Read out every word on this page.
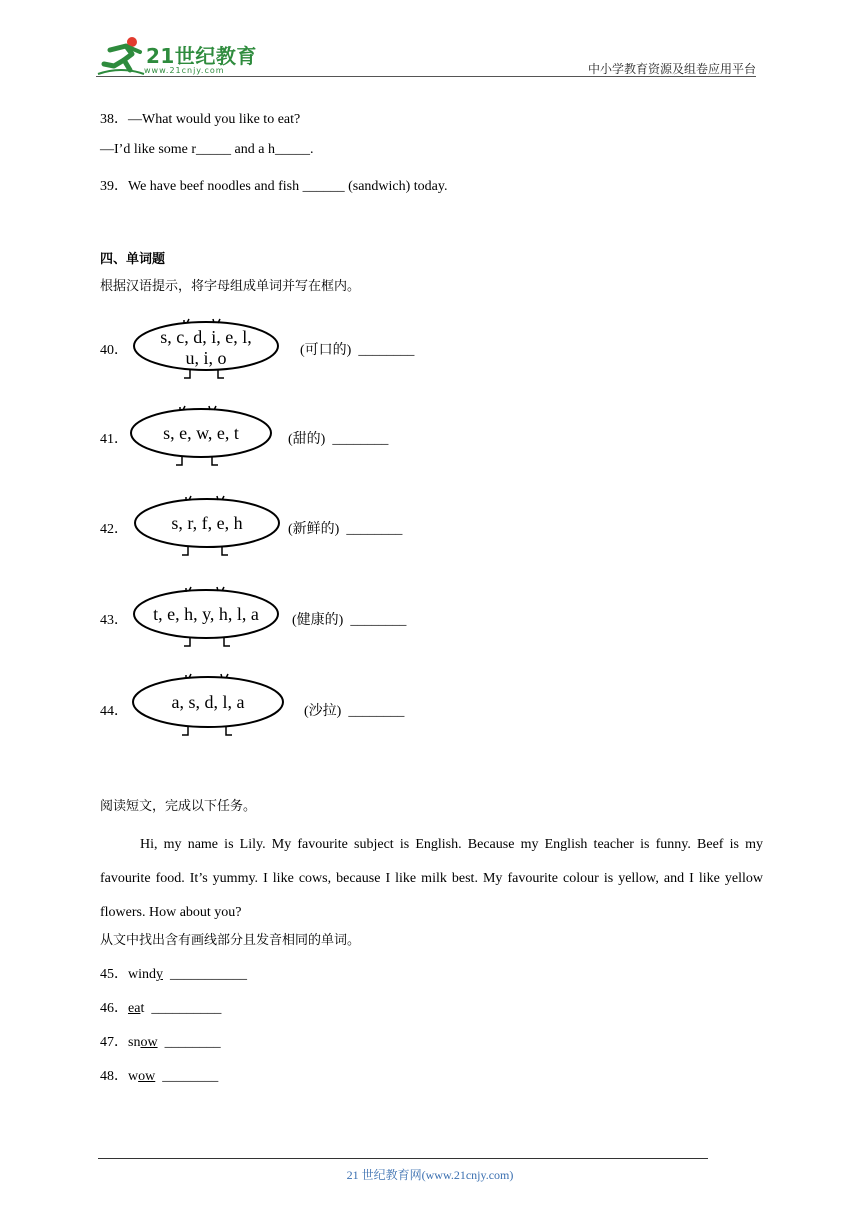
21世纪教育
www.21cnjy.com	中小学教育资源及组卷应用平台
38．—What would you like to eat?
—I’d like some r_____ and a h_____.
39．We have beef noodles and fish ______ (sandwich) today.
四、单词题
根据汉语提示，将字母组成单词并写在框内。
40．
s, c, d, i, e, l,
u, i, o	(可口的) ________
41．	s, e, w, e, t	(甜的) ________
42．	s, r, f, e, h	(新鲜的) ________
43．	t, e, h, y, h, l, a	(健康的) ________
44．	a, s, d, l, a	(沙拉) ________
阅读短文，完成以下任务。
Hi, my name is Lily. My favourite subject is English. Because my English teacher is funny. Beef is my favourite food. It’s yummy. I like cows, because I like milk best. My favourite colour is yellow, and I like yellow flowers. How about you?
从文中找出含有画线部分且发音相同的单词。
45．windy ___________
46．eat __________
47．snow ________
48．wow ________
21 世纪教育网(www.21cnjy.com)
